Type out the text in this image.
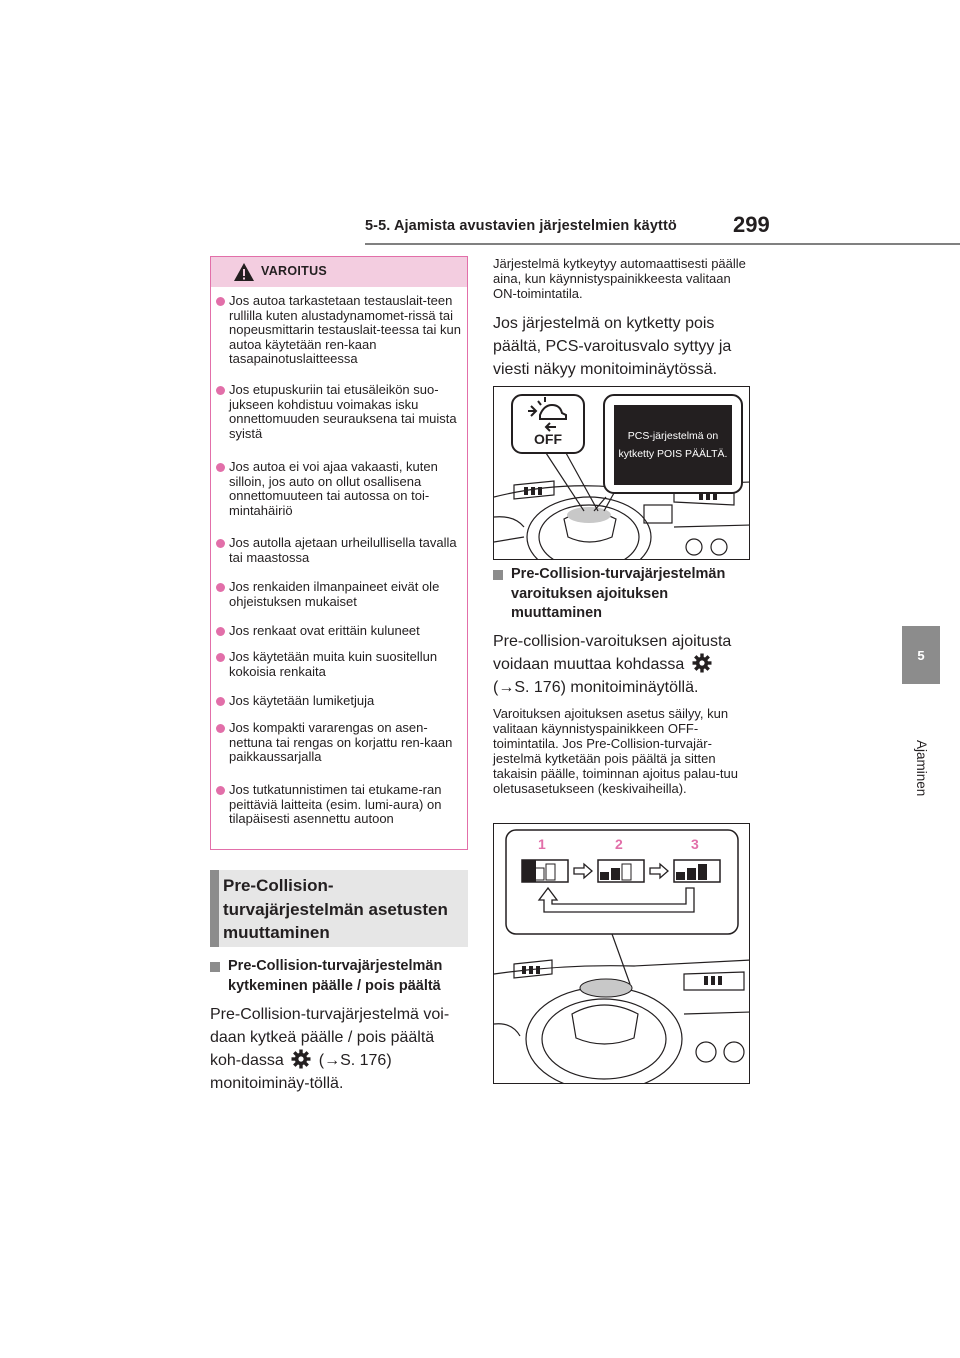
5-5. Ajamista avustavien järjestelmien käyttö	299
5
Ajaminen
VAROITUS
Jos autoa tarkastetaan testauslait-teen rullilla kuten alustadynamomet-rissä tai nopeusmittarin testauslait-teessa tai kun autoa käytetään ren-kaan tasapainotuslaitteessa
Jos etupuskuriin tai etusäleikön suo-jukseen kohdistuu voimakas isku onnettomuuden seurauksena tai muista syistä
Jos autoa ei voi ajaa vakaasti, kuten silloin, jos auto on ollut osallisena onnettomuuteen tai autossa on toi-mintahäiriö
Jos autolla ajetaan urheilullisella tavalla tai maastossa
Jos renkaiden ilmanpaineet eivät ole ohjeistuksen mukaiset
Jos renkaat ovat erittäin kuluneet
Jos käytetään muita kuin suositellun kokoisia renkaita
Jos käytetään lumiketjuja
Jos kompakti vararengas on asen-nettuna tai rengas on korjattu ren-kaan paikkaussarjalla
Jos tutkatunnistimen tai etukame-ran peittäviä laitteita (esim. lumi-aura) on tilapäisesti asennettu autoon
Pre-Collision-turvajärjestelmän asetusten muuttaminen
Pre-Collision-turvajärjestelmän kytkeminen päälle / pois päältä
Pre-Collision-turvajärjestelmä voi-daan kytkeä päälle / pois päältä koh-dassa (→S. 176) monitoiminäy-töllä.
Järjestelmä kytkeytyy automaattisesti päälle aina, kun käynnistyspainikkeesta valitaan ON-toimintatila.
Jos järjestelmä on kytketty pois päältä, PCS-varoitusvalo syttyy ja viesti näkyy monitoiminäytössä.
OFF	PCS-järjestelmä on
kytketty POIS PÄÄLTÄ.
Pre-Collision-turvajärjestelmän varoituksen ajoituksen muuttaminen
Pre-collision-varoituksen ajoitusta voidaan muuttaa kohdassa  (→S. 176) monitoiminäytöllä.
Varoituksen ajoituksen asetus säilyy, kun valitaan käynnistyspainikkeen OFF-toimintatila. Jos Pre-Collision-turvajär-jestelmä kytketään pois päältä ja sitten takaisin päälle, toiminnan ajoitus palau-tuu oletusasetukseen (keskivaiheilla).
1	2	3
